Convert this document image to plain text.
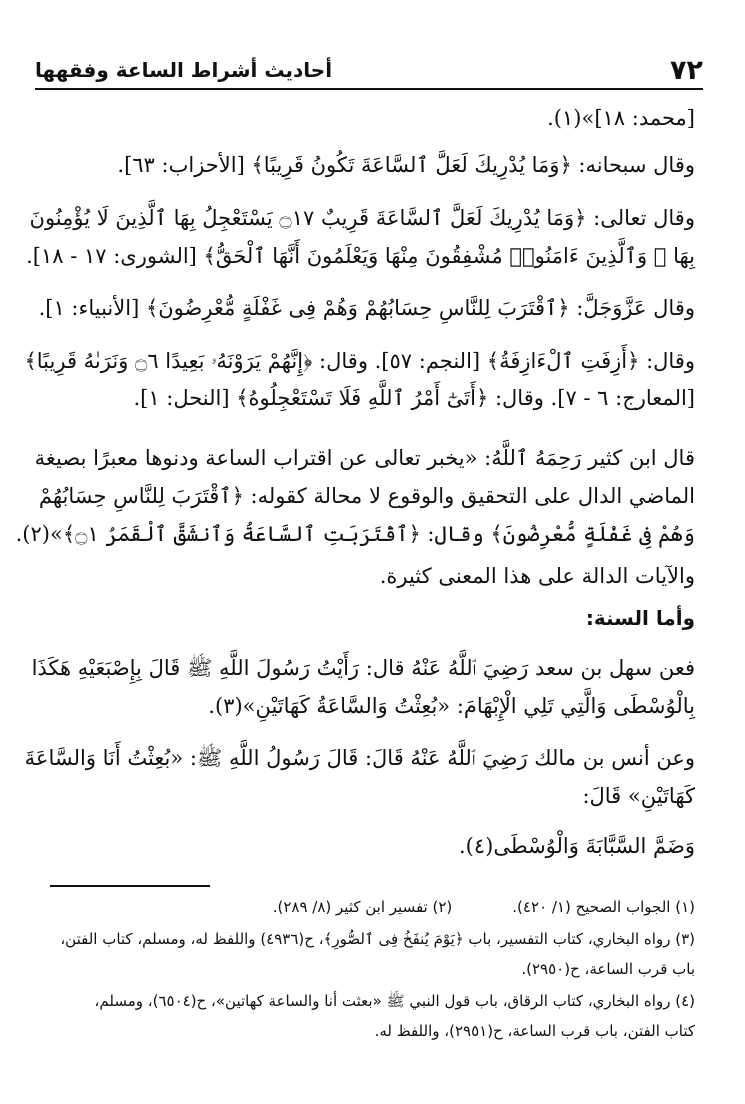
٧٢
أحاديث أشراط الساعة وفقهها
[محمد: ١٨]»(١).
وقال سبحانه: ﴿وَمَا يُدْرِيكَ لَعَلَّ ٱلسَّاعَةَ تَكُونُ قَرِيبًا﴾ [الأحزاب: ٦٣].
وقال تعالى: ﴿وَمَا يُدْرِيكَ لَعَلَّ ٱلسَّاعَةَ قَرِيبٌ ۝١٧ يَسْتَعْجِلُ بِهَا ٱلَّذِينَ لَا يُؤْمِنُونَ
بِهَا ۖ وَٱلَّذِينَ ءَامَنُوا۟ مُشْفِقُونَ مِنْهَا وَيَعْلَمُونَ أَنَّهَا ٱلْحَقُّ﴾ [الشورى: ١٧ - ١٨].
وقال عَزَّوَجَلَّ: ﴿ٱقْتَرَبَ لِلنَّاسِ حِسَابُهُمْ وَهُمْ فِى غَفْلَةٍ مُّعْرِضُونَ﴾ [الأنبياء: ١].
وقال: ﴿أَزِفَتِ ٱلْءَازِفَةُ﴾ [النجم: ٥٧]. وقال: ﴿إِنَّهُمْ يَرَوْنَهُۥ بَعِيدًا ۝٦ وَنَرَىٰهُ قَرِيبًا﴾
[المعارج: ٦ - ٧]. وقال: ﴿أَتَىٰٓ أَمْرُ ٱللَّهِ فَلَا تَسْتَعْجِلُوهُ﴾ [النحل: ١].
قال ابن كثير رَحِمَهُ ٱللَّهُ: «يخبر تعالى عن اقتراب الساعة ودنوها معبرًا بصيغة
الماضي الدال على التحقيق والوقوع لا محالة كقوله: ﴿ٱقْتَرَبَ لِلنَّاسِ حِسَابُهُمْ
وَهُمْ فِى غَفْلَةٍ مُّعْرِضُونَ﴾ وقال: ﴿ٱقْتَرَبَتِ ٱلسَّاعَةُ وَٱنشَقَّ ٱلْقَمَرُ ۝١﴾»(٢).
والآيات الدالة على هذا المعنى كثيرة.
وأما السنة:
فعن سهل بن سعد رَضِيَ ٱللَّهُ عَنْهُ قال: رَأَيْتُ رَسُولَ اللَّهِ ﷺ قَالَ بِإِصْبَعَيْهِ هَكَذَا
بِالْوُسْطَى وَالَّتِي تَلِي الْإِبْهَامَ: «بُعِثْتُ وَالسَّاعَةُ كَهَاتَيْنِ»(٣).
وعن أنس بن مالك رَضِيَ ٱللَّهُ عَنْهُ قَالَ: قَالَ رَسُولُ اللَّهِ ﷺ: «بُعِثْتُ أَنَا وَالسَّاعَةَ
كَهَاتَيْنِ» قَالَ:
وَضَمَّ السَّبَّابَةَ وَالْوُسْطَى(٤).
(١) الجواب الصحيح (١/ ٤٢٠).
(٢) تفسير ابن كثير (٨/ ٢٨٩).
(٣) رواه البخاري، كتاب التفسير، باب ﴿يَوْمَ يُنفَخُ فِى ٱلصُّورِ﴾، ح(٤٩٣٦) واللفظ له، ومسلم، كتاب الفتن،
باب قرب الساعة، ح(٢٩٥٠).
(٤) رواه البخاري، كتاب الرقاق، باب قول النبي ﷺ «بعثت أنا والساعة كهاتين»، ح(٦٥٠٤)، ومسلم،
كتاب الفتن، باب قرب الساعة، ح(٢٩٥١)، واللفظ له.
